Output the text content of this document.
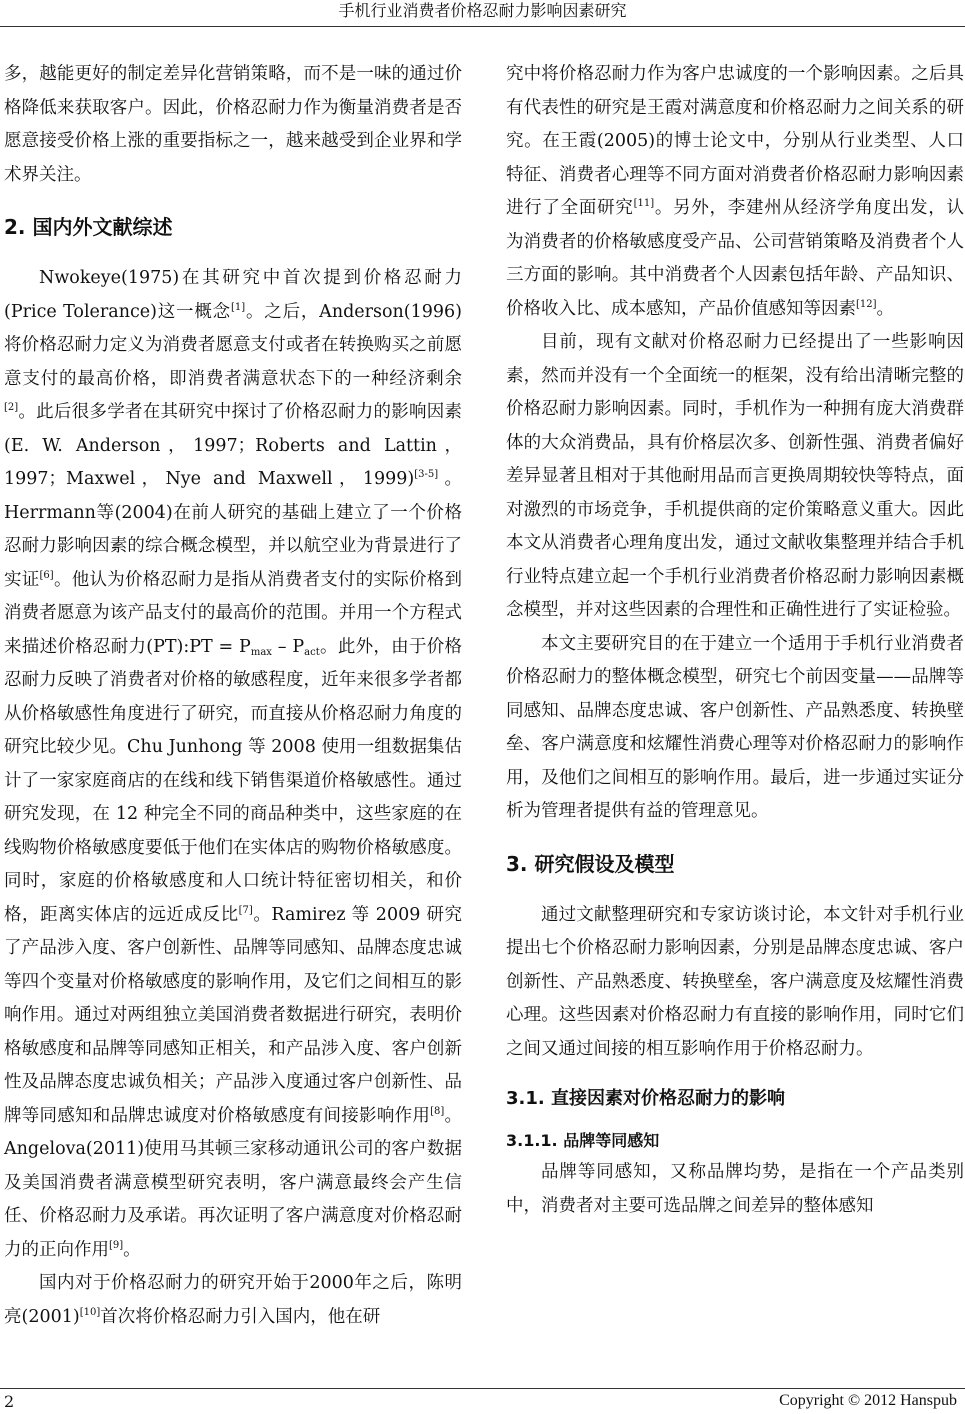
手机行业消费者价格忍耐力影响因素研究

多，越能更好的制定差异化营销策略，而不是一味的通过价格降低来获取客户。因此，价格忍耐力作为衡量消费者是否愿意接受价格上涨的重要指标之一，越来越受到企业界和学术界关注。

2. 国内外文献综述

Nwokeye(1975)在其研究中首次提到价格忍耐力(Price Tolerance)这一概念[1]。之后，Anderson(1996)将价格忍耐力定义为消费者愿意支付或者在转换购买之前愿意支付的最高价格，即消费者满意状态下的一种经济剩余[2]。此后很多学者在其研究中探讨了价格忍耐力的影响因素(E. W. Anderson，1997；Roberts and Lattin，1997；Maxwel，Nye and Maxwell，1999)[3-5]。Herrmann等(2004)在前人研究的基础上建立了一个价格忍耐力影响因素的综合概念模型，并以航空业为背景进行了实证[6]。他认为价格忍耐力是指从消费者支付的实际价格到消费者愿意为该产品支付的最高价的范围。并用一个方程式来描述价格忍耐力(PT):PT = $P_{max} - P_{act}$。此外，由于价格忍耐力反映了消费者对价格的敏感程度，近年来很多学者都从价格敏感性角度进行了研究，而直接从价格忍耐力角度的研究比较少见。Chu Junhong 等 2008 使用一组数据集估计了一家家庭商店的在线和线下销售渠道价格敏感性。通过研究发现，在 12 种完全不同的商品种类中，这些家庭的在线购物价格敏感度要低于他们在实体店的购物价格敏感度。同时，家庭的价格敏感度和人口统计特征密切相关，和价格，距离实体店的远近成反比[7]。Ramirez 等 2009 研究了产品涉入度、客户创新性、品牌等同感知、品牌态度忠诚等四个变量对价格敏感度的影响作用，及它们之间相互的影响作用。通过对两组独立美国消费者数据进行研究，表明价格敏感度和品牌等同感知正相关，和产品涉入度、客户创新性及品牌态度忠诚负相关；产品涉入度通过客户创新性、品牌等同感知和品牌忠诚度对价格敏感度有间接影响作用[8]。Angelova(2011)使用马其顿三家移动通讯公司的客户数据及美国消费者满意模型研究表明，客户满意最终会产生信任、价格忍耐力及承诺。再次证明了客户满意度对价格忍耐力的正向作用[9]。

国内对于价格忍耐力的研究开始于2000年之后，陈明亮(2001)[10]首次将价格忍耐力引入国内，他在研

究中将价格忍耐力作为客户忠诚度的一个影响因素。之后具有代表性的研究是王霞对满意度和价格忍耐力之间关系的研究。在王霞(2005)的博士论文中，分别从行业类型、人口特征、消费者心理等不同方面对消费者价格忍耐力影响因素进行了全面研究[11]。另外，李建州从经济学角度出发，认为消费者的价格敏感度受产品、公司营销策略及消费者个人三方面的影响。其中消费者个人因素包括年龄、产品知识、价格收入比、成本感知，产品价值感知等因素[12]。

目前，现有文献对价格忍耐力已经提出了一些影响因素，然而并没有一个全面统一的框架，没有给出清晰完整的价格忍耐力影响因素。同时，手机作为一种拥有庞大消费群体的大众消费品，具有价格层次多、创新性强、消费者偏好差异显著且相对于其他耐用品而言更换周期较快等特点，面对激烈的市场竞争，手机提供商的定价策略意义重大。因此本文从消费者心理角度出发，通过文献收集整理并结合手机行业特点建立起一个手机行业消费者价格忍耐力影响因素概念模型，并对这些因素的合理性和正确性进行了实证检验。

本文主要研究目的在于建立一个适用于手机行业消费者价格忍耐力的整体概念模型，研究七个前因变量——品牌等同感知、品牌态度忠诚、客户创新性、产品熟悉度、转换壁垒、客户满意度和炫耀性消费心理等对价格忍耐力的影响作用，及他们之间相互的影响作用。最后，进一步通过实证分析为管理者提供有益的管理意见。

3. 研究假设及模型

通过文献整理研究和专家访谈讨论，本文针对手机行业提出七个价格忍耐力影响因素，分别是品牌态度忠诚、客户创新性、产品熟悉度、转换壁垒，客户满意度及炫耀性消费心理。这些因素对价格忍耐力有直接的影响作用，同时它们之间又通过间接的相互影响作用于价格忍耐力。

3.1. 直接因素对价格忍耐力的影响
3.1.1. 品牌等同感知

品牌等同感知，又称品牌均势，是指在一个产品类别中，消费者对主要可选品牌之间差异的整体感知

2	Copyright © 2012 Hanspub
